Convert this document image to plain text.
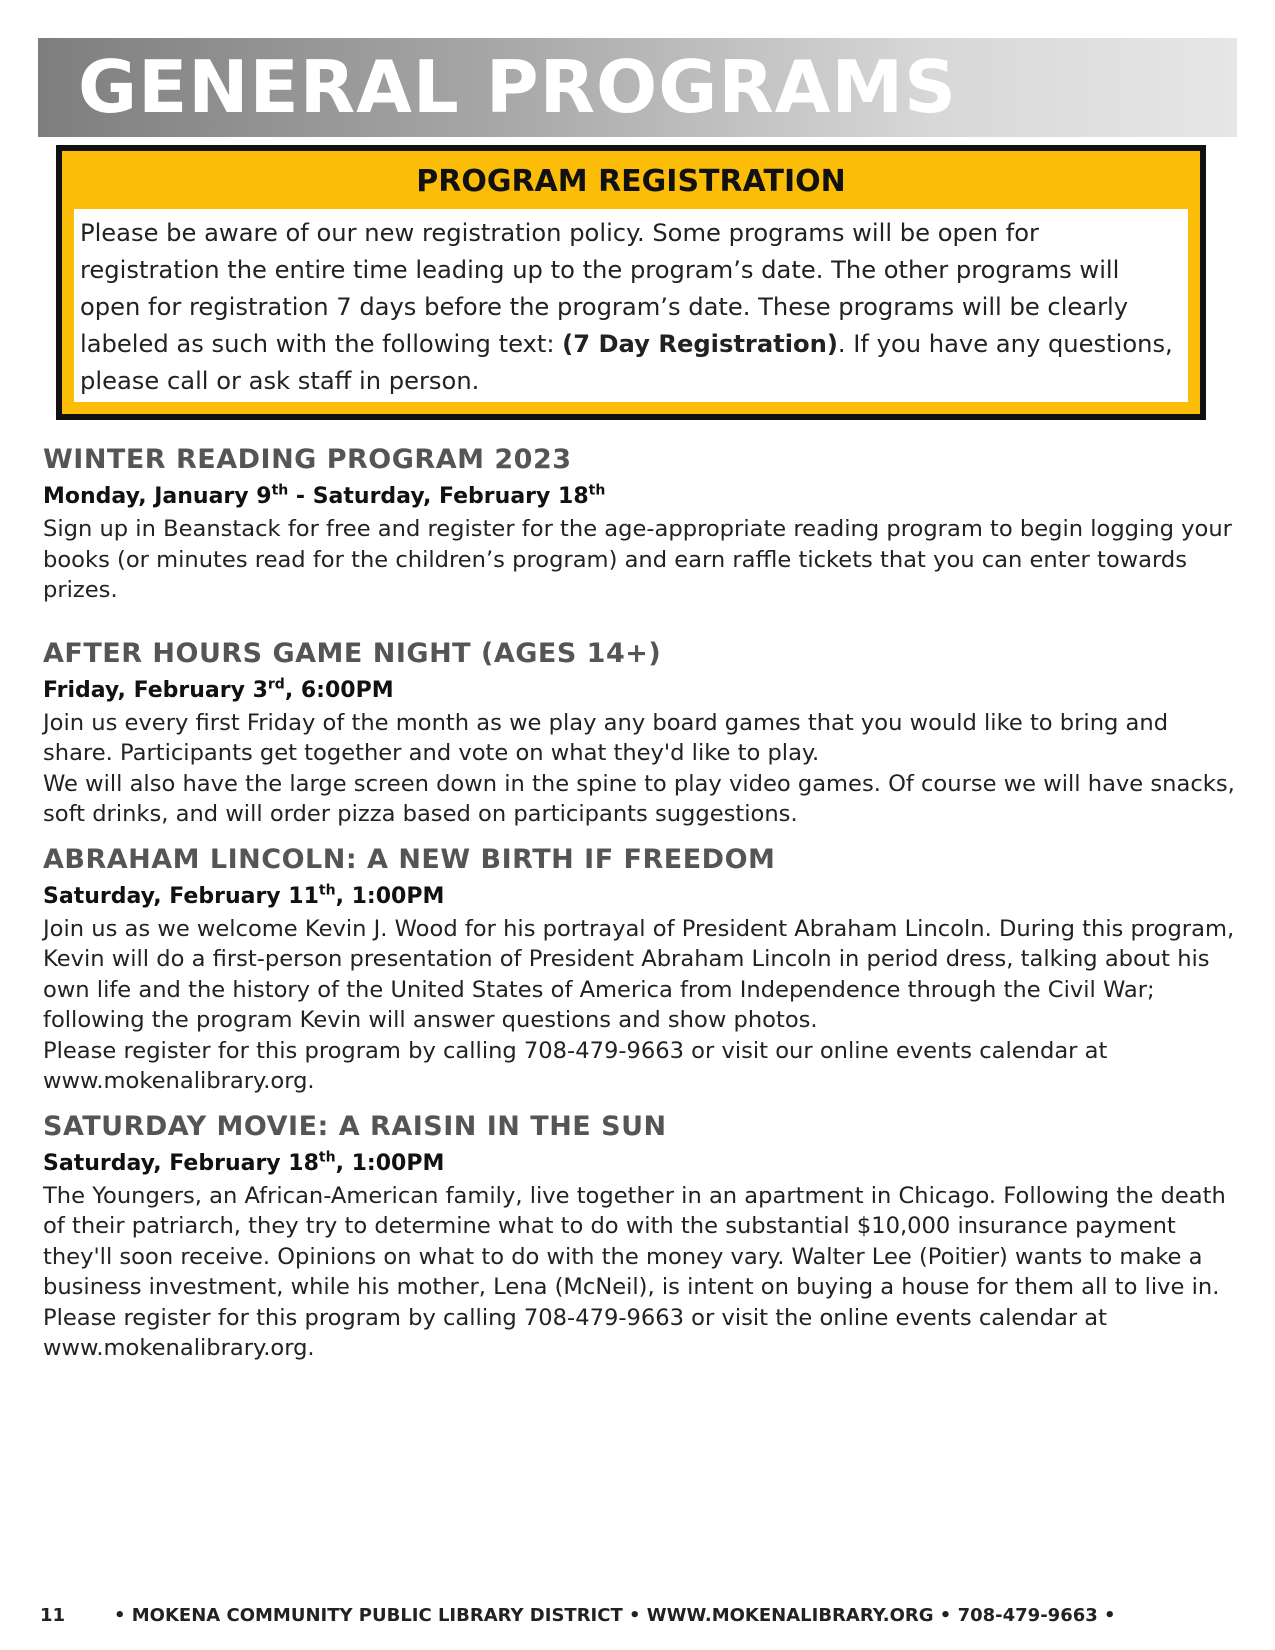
GENERAL PROGRAMS
PROGRAM REGISTRATION
Please be aware of our new registration policy. Some programs will be open for registration the entire time leading up to the program’s date. The other programs will open for registration 7 days before the program’s date. These programs will be clearly labeled as such with the following text: (7 Day Registration). If you have any questions, please call or ask staff in person.
WINTER READING PROGRAM 2023
Monday, January 9th - Saturday, February 18th

Sign up in Beanstack for free and register for the age-appropriate reading program to begin logging your books (or minutes read for the children’s program) and earn raffle tickets that you can enter towards prizes.

AFTER HOURS GAME NIGHT (AGES 14+)
Friday, February 3rd, 6:00PM

Join us every first Friday of the month as we play any board games that you would like to bring and share. Participants get together and vote on what they'd like to play.

We will also have the large screen down in the spine to play video games. Of course we will have snacks, soft drinks, and will order pizza based on participants suggestions.

ABRAHAM LINCOLN: A NEW BIRTH IF FREEDOM
Saturday, February 11th, 1:00PM

Join us as we welcome Kevin J. Wood for his portrayal of President Abraham Lincoln. During this program, Kevin will do a first-person presentation of President Abraham Lincoln in period dress, talking about his own life and the history of the United States of America from Independence through the Civil War; following the program Kevin will answer questions and show photos.

Please register for this program by calling 708-479-9663 or visit our online events calendar at www.mokenalibrary.org.

SATURDAY MOVIE: A RAISIN IN THE SUN
Saturday, February 18th, 1:00PM

The Youngers, an African-American family, live together in an apartment in Chicago. Following the death of their patriarch, they try to determine what to do with the substantial $10,000 insurance payment they'll soon receive. Opinions on what to do with the money vary. Walter Lee (Poitier) wants to make a business investment, while his mother, Lena (McNeil), is intent on buying a house for them all to live in.

Please register for this program by calling 708-479-9663 or visit the online events calendar at www.mokenalibrary.org.

11	• MOKENA COMMUNITY PUBLIC LIBRARY DISTRICT • WWW.MOKENALIBRARY.ORG • 708-479-9663 •
